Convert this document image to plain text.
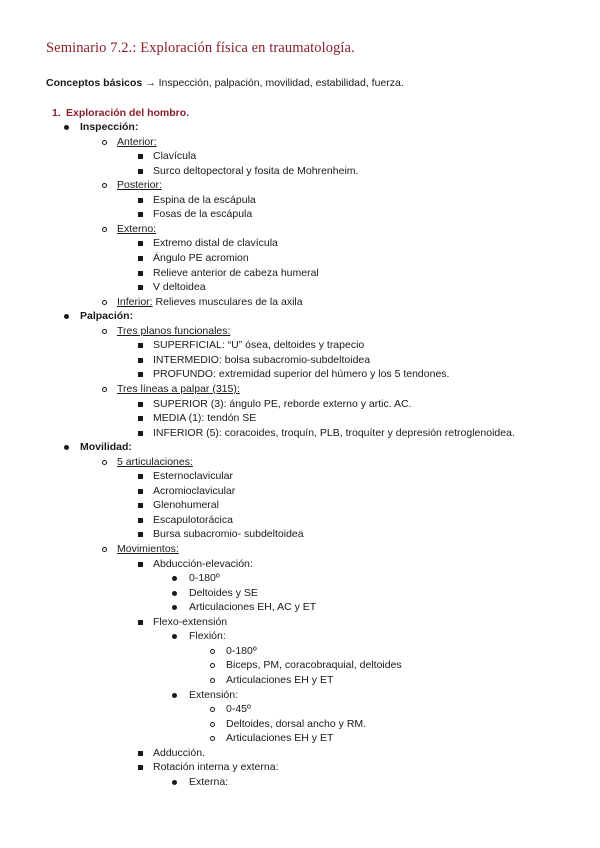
Seminario 7.2.: Exploración física en traumatología.
Conceptos básicos → Inspección, palpación, movilidad, estabilidad, fuerza.
1. Exploración del hombro.
Inspección:
Anterior:
Clavícula
Surco deltopectoral y fosita de Mohrenheim.
Posterior:
Espina de la escápula
Fosas de la escápula
Externo:
Extremo distal de clavícula
Ángulo PE acromion
Relieve anterior de cabeza humeral
V deltoidea
Inferior: Relieves musculares de la axila
Palpación:
Tres planos funcionales:
SUPERFICIAL: “U” ósea, deltoides y trapecio
INTERMEDIO: bolsa subacromio-subdeltoidea
PROFUNDO: extremidad superior del húmero y los 5 tendones.
Tres líneas a palpar (315):
SUPERIOR (3): ángulo PE, reborde externo y artic. AC.
MEDIA (1): tendón SE
INFERIOR (5): coracoides, troquín, PLB, troquíter y depresión retroglenoidea.
Movilidad:
5 articulaciones:
Esternoclavicular
Acromioclavicular
Glenohumeral
Escapulotorácica
Bursa subacromio- subdeltoidea
Movimientos:
Abducción-elevación:
0-180º
Deltoides y SE
Articulaciones EH, AC y ET
Flexo-extensión
Flexión:
0-180º
Biceps, PM, coracobraquial, deltoides
Articulaciones EH y ET
Extensión:
0-45º
Deltoides, dorsal ancho y RM.
Articulaciones EH y ET
Adducción.
Rotación interna y externa:
Externa:
